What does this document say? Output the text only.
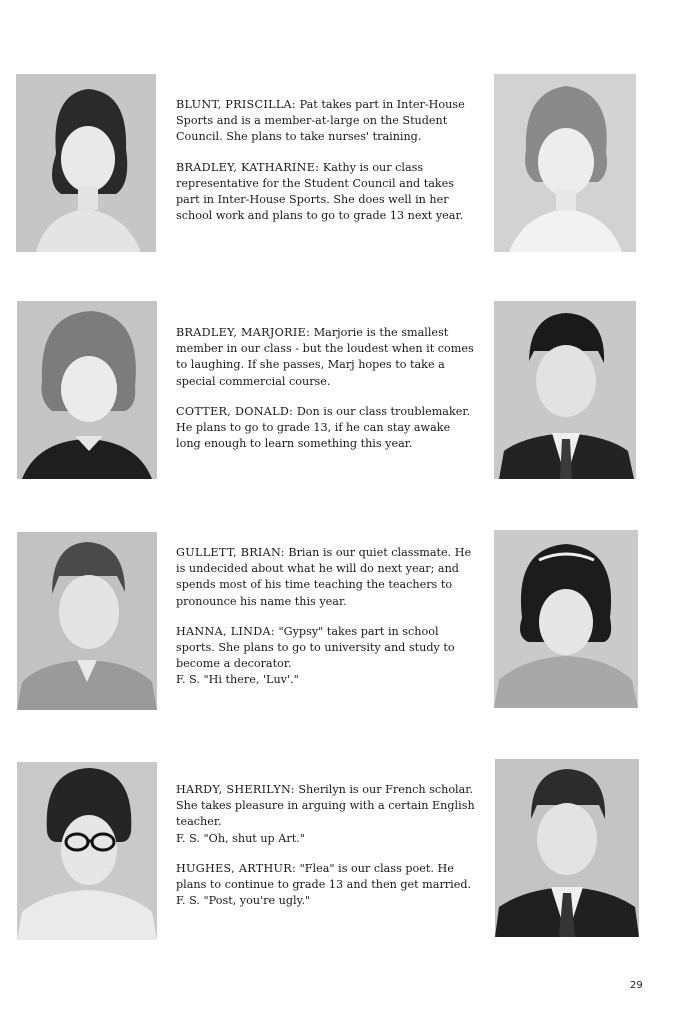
BLUNT, PRISCILLA: Pat takes part in Inter-House Sports and is a member-at-large on the Student Council. She plans to take nurses' training.

BRADLEY, KATHARINE: Kathy is our class representative for the Student Council and takes part in Inter-House Sports. She does well in her school work and plans to go to grade 13 next year.

BRADLEY, MARJORIE: Marjorie is the smallest member in our class - but the loudest when it comes to laughing. If she passes, Marj hopes to take a special commercial course.

COTTER, DONALD: Don is our class troublemaker. He plans to go to grade 13, if he can stay awake long enough to learn something this year.

GULLETT, BRIAN: Brian is our quiet classmate. He is undecided about what he will do next year; and spends most of his time teaching the teachers to pronounce his name this year.

HANNA, LINDA: "Gypsy" takes part in school sports. She plans to go to university and study to become a decorator.
F. S. "Hi there, 'Luv'."

HARDY, SHERILYN: Sherilyn is our French scholar. She takes pleasure in arguing with a certain English teacher.
F. S. "Oh, shut up Art."

HUGHES, ARTHUR: "Flea" is our class poet. He plans to continue to grade 13 and then get married.
F. S. "Post, you're ugly."

29
